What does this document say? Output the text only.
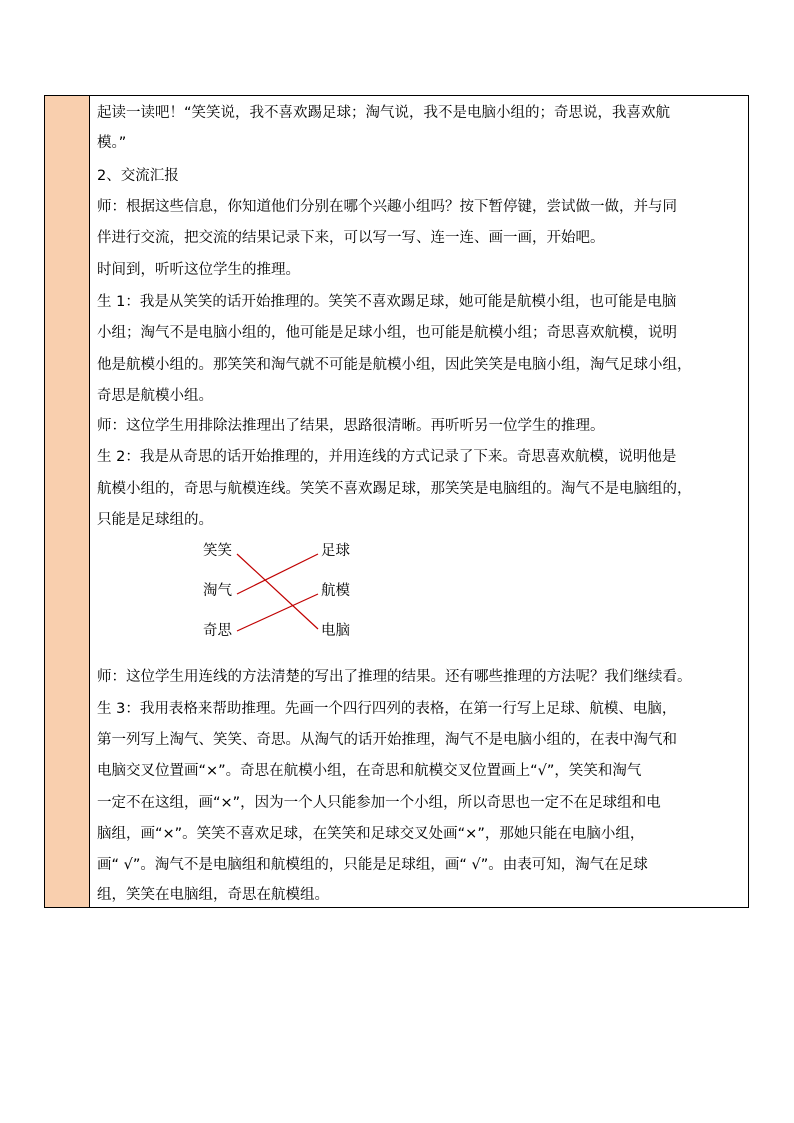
起读一读吧！“笑笑说，我不喜欢踢足球；淘气说，我不是电脑小组的；奇思说，我喜欢航
模。”
2、交流汇报
师：根据这些信息，你知道他们分别在哪个兴趣小组吗？按下暂停键，尝试做一做，并与同
伴进行交流，把交流的结果记录下来，可以写一写、连一连、画一画，开始吧。
时间到，听听这位学生的推理。
生 1：我是从笑笑的话开始推理的。笑笑不喜欢踢足球，她可能是航模小组，也可能是电脑
小组；淘气不是电脑小组的，他可能是足球小组，也可能是航模小组；奇思喜欢航模，说明
他是航模小组的。那笑笑和淘气就不可能是航模小组，因此笑笑是电脑小组，淘气足球小组，
奇思是航模小组。
师：这位学生用排除法推理出了结果，思路很清晰。再听听另一位学生的推理。
生 2：我是从奇思的话开始推理的，并用连线的方式记录了下来。奇思喜欢航模，说明他是
航模小组的，奇思与航模连线。笑笑不喜欢踢足球，那笑笑是电脑组的。淘气不是电脑组的，
只能是足球组的。
笑笑
淘气
奇思
足球
航模
电脑
师：这位学生用连线的方法清楚的写出了推理的结果。还有哪些推理的方法呢？我们继续看。
生 3：我用表格来帮助推理。先画一个四行四列的表格，在第一行写上足球、航模、电脑，
第一列写上淘气、笑笑、奇思。从淘气的话开始推理，淘气不是电脑小组的，在表中淘气和
电脑交叉位置画“×”。奇思在航模小组，在奇思和航模交叉位置画上“√”，笑笑和淘气
一定不在这组，画“×”，因为一个人只能参加一个小组，所以奇思也一定不在足球组和电
脑组，画“×”。笑笑不喜欢足球，在笑笑和足球交叉处画“×”，那她只能在电脑小组，
画“ √”。淘气不是电脑组和航模组的，只能是足球组，画“ √”。由表可知，淘气在足球
组，笑笑在电脑组，奇思在航模组。
